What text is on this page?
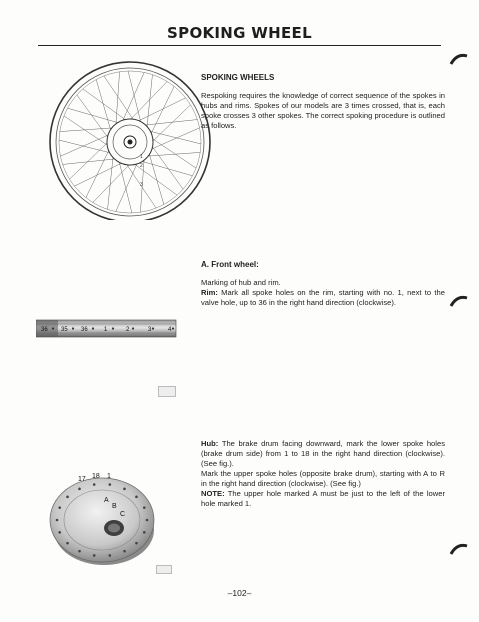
SPOKING WHEEL
1
2
3

SPOKING WHEELS

Respoking requires the knowledge of correct sequence of the spokes in hubs and rims. Spokes of our models are 3 times crossed, that is, each spoke crosses 3 other spokes. The correct spoking procedure is outlined as follows.

A. Front wheel:

Marking of hub and rim.

Rim: Mark all spoke holes on the rim, starting with no. 1, next to the valve hole, up to 36 in the right hand direction (clockwise).

36 35 36	1	2	3	4

Hub: The brake drum facing downward, mark the lower spoke holes (brake drum side) from 1 to 18 in the right hand direction (clockwise). (See fig.).

Mark the upper spoke holes (opposite brake drum), starting with A to R in the right hand direction (clockwise). (See fig.)

NOTE: The upper hole marked A must be just to the left of the lower hole marked 1.

17 18 1
A
B
C
–102–
